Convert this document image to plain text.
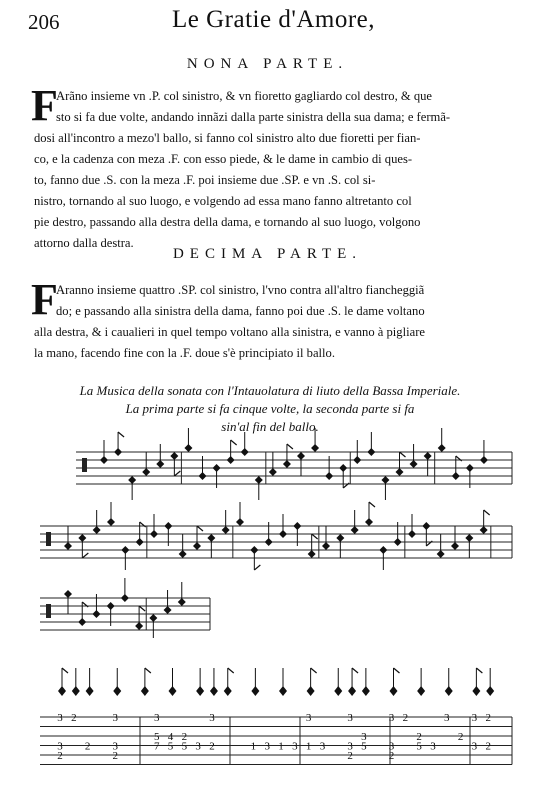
206	Le Gratie d'Amore,
NONA PARTE.
F
Arãno insieme vn .P. col sinistro, & vn fioretto gagliardo col destro, & que
sto si fa due volte, andando innãzi dalla parte sinistra della sua dama; e fermã-
dosi all'incontro a mezo'l ballo, si fanno col sinistro alto due fioretti per fian-
co, e la cadenza con meza .F. con esso piede, & le dame in cambio di ques-
to, fanno due .S. con la meza .F. poi insieme due .SP. e vn .S. col si-
nistro, tornando al suo luogo, e volgendo ad essa mano fanno altretanto col
pie destro, passando alla destra della dama, e tornando al suo luogo, volgono
attorno dalla destra.
DECIMA PARTE.
F
Aranno insieme quattro .SP. col sinistro, l'vno contra all'altro fiancheggiã
do; e passando alla sinistra della dama, fanno poi due .S. le dame voltano
alla destra, & i caualieri in quel tempo voltano alla sinistra, e vanno à pigliare
la mano, facendo fine con la .F. doue s'è principiato il ballo.
La Musica della sonata con l'Intauolatura di liuto della Bassa Imperiale.
La prima parte si fa cinque volte, la seconda parte si fa
sin'al fin del ballo.
3 2	3	3	3	3	3	3 2	3 3 2
5 4 2	3	2	2
3 2 3	7 5 5 3 2	1 3 1 3 1 3 3 5 3 5 3	3 2
2	2	2	2
